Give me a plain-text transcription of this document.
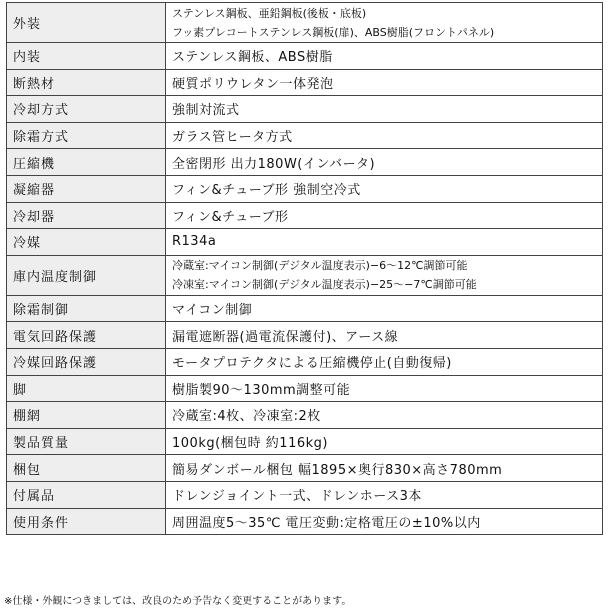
外装	ステンレス鋼板、亜鉛鋼板(後板・底板)
フッ素プレコートステンレス鋼板(扉)、ABS樹脂(フロントパネル)

内装	ステンレス鋼板、ABS樹脂

断熱材	硬質ポリウレタン一体発泡

冷却方式	強制対流式

除霜方式	ガラス管ヒータ方式

圧縮機	全密閉形 出力180W(インバータ)

凝縮器	フィン&チューブ形 強制空冷式

冷却器	フィン&チューブ形

冷媒	R134a

庫内温度制御	冷蔵室:マイコン制御(デジタル温度表示)−6〜12℃調節可能
冷凍室:マイコン制御(デジタル温度表示)−25〜−7℃調節可能

除霜制御	マイコン制御

電気回路保護	漏電遮断器(過電流保護付)、アース線

冷媒回路保護	モータプロテクタによる圧縮機停止(自動復帰)

脚	樹脂製90〜130mm調整可能

棚網	冷蔵室:4枚、冷凍室:2枚

製品質量	100kg(梱包時 約116kg)

梱包	簡易ダンボール梱包 幅1895×奥行830×高さ780mm

付属品	ドレンジョイント一式、ドレンホース3本

使用条件	周囲温度5〜35℃ 電圧変動:定格電圧の±10%以内
※仕様・外観につきましては、改良のため予告なく変更することがあります。
